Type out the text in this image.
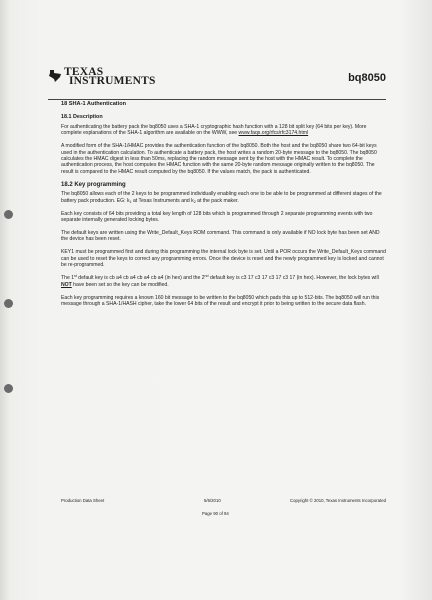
TEXAS
INSTRUMENTS	bq8050

18 SHA-1 Authentication

18.1 Description

For authenticating the battery pack the bq8050 uses a SHA-1 cryptographic hash function with a 128 bit split key (64 bits per key). More complete explanations of the SHA-1 algorithm are available on the WWW, see www.faqs.org/rfcs/rfc3174.html

A modified form of the SHA-1/HMAC provides the authentication function of the bq8050. Both the host and the bq8050 share two 64-bit keys used in the authentication calculation. To authenticate a battery pack, the host writes a random 20-byte message to the bq8050. The bq8050 calculates the HMAC digest in less than 50ms, replacing the random message sent by the host with the HMAC result. To complete the authentication process, the host computes the HMAC function with the same 20-byte random message originally written to the bq8050. The result is compared to the HMAC result computed by the bq8050. If the values match, the pack is authenticated.

18.2 Key programming

The bq8050 allows each of the 2 keys to be programmed individually enabling each one to be able to be programmed at different stages of the battery pack production. EG: $k_1$ at Texas Instruments and $k_2$ at the pack maker.

Each key consists of 64 bits providing a total key length of 128 bits which is programmed through 2 separate programming events with two separate internally generated locking bytes.

The default keys are written using the Write_Default_Keys ROM command. This command is only available if NO lock byte has been set AND the device has been reset.

KEY1 must be programmed first and during this programming the internal lock byte is set. Until a POR occurs the Write_Default_Keys command can be used to reset the keys to correct any programming errors. Once the device is reset and the newly programmed key is locked and cannot be re-programmed.

The 1st default key is cb a4 cb a4 cb a4 cb a4 (in hex) and the 2nd default key is c3 17 c3 17 c3 17 c3 17 (in hex). However, the lock bytes will NOT have been set so the key can be modified.

Each key programming requires a known 160 bit message to be written to the bq8050 which pads this up to 512-bits. The bq8050 will run this message through a SHA-1/HASH cipher, take the lower 64 bits of the result and encrypt it prior to being written to the secure data flash.

Production Data Sheet	5/6/2010	Copyright © 2010, Texas Instruments Incorporated
Page 90 of 94
